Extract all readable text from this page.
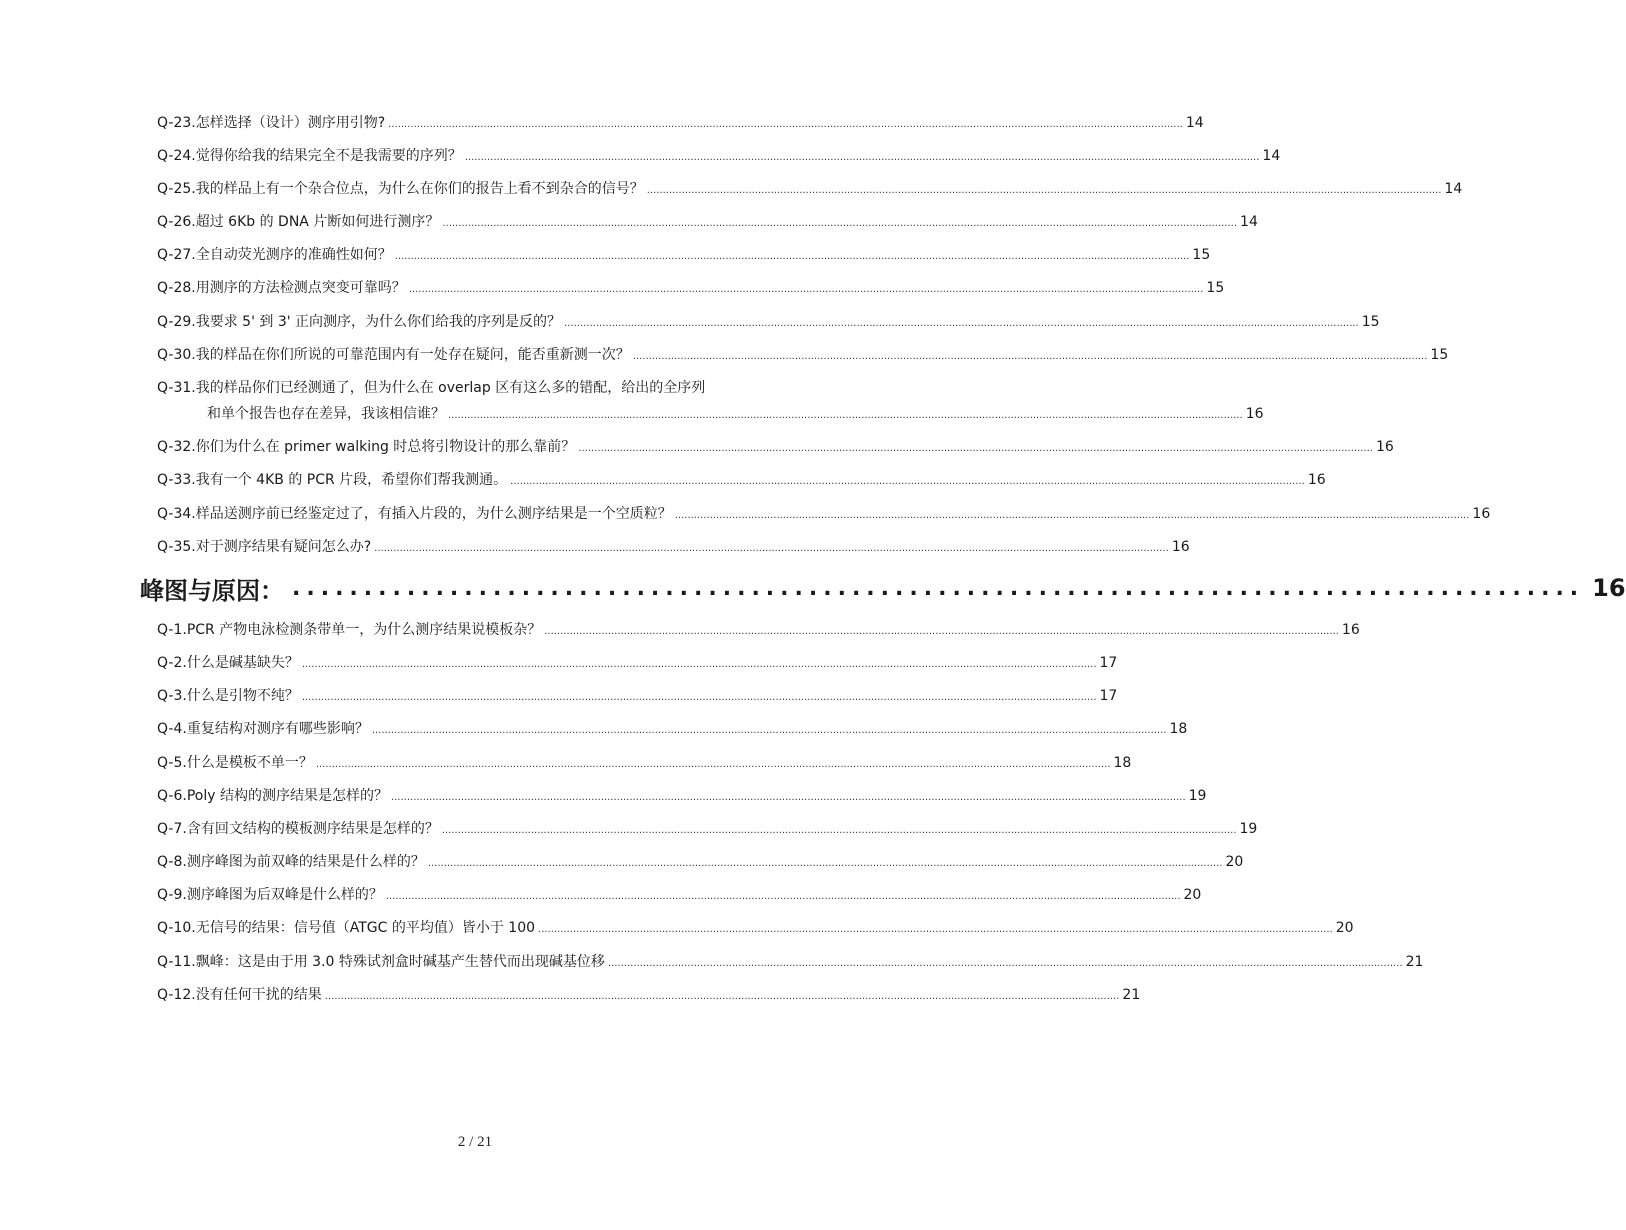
Q-23.怎样选择（设计）测序用引物? .....	14
Q-24.觉得你给我的结果完全不是我需要的序列？ .....	14
Q-25.我的样品上有一个杂合位点，为什么在你们的报告上看不到杂合的信号？ .....	14
Q-26.超过 6Kb 的 DNA 片断如何进行测序？ .....	14
Q-27.全自动荧光测序的准确性如何？ .....	15
Q-28.用测序的方法检测点突变可靠吗？ .....	15
Q-29.我要求 5' 到 3' 正向测序，为什么你们给我的序列是反的？ .....	15
Q-30.我的样品在你们所说的可靠范围内有一处存在疑问，能否重新测一次？ .....	15
Q-31.我的样品你们已经测通了，但为什么在 overlap 区有这么多的错配，给出的全序列
和单个报告也存在差异，我该相信谁？ .....	16
Q-32.你们为什么在 primer walking 时总将引物设计的那么靠前？ .....	16
Q-33.我有一个 4KB 的 PCR 片段，希望你们帮我测通。 .....	16
Q-34.样品送测序前已经鉴定过了，有插入片段的，为什么测序结果是一个空质粒？ .....	16
Q-35.对于测序结果有疑问怎么办? .....	16
峰图与原因： .....	16
Q-1.PCR 产物电泳检测条带单一，为什么测序结果说模板杂？ .....	16
Q-2.什么是碱基缺失？ .....	17
Q-3.什么是引物不纯？ .....	17
Q-4.重复结构对测序有哪些影响？ .....	18
Q-5.什么是模板不单一？ .....	18
Q-6.Poly 结构的测序结果是怎样的？ .....	19
Q-7.含有回文结构的模板测序结果是怎样的？ .....	19
Q-8.测序峰图为前双峰的结果是什么样的？ .....	20
Q-9.测序峰图为后双峰是什么样的？ .....	20
Q-10.无信号的结果：信号值（ATGC 的平均值）皆小于 100 .....	20
Q-11.飘峰：这是由于用 3.0 特殊试剂盒时碱基产生替代而出现碱基位移 .....	21
Q-12.没有任何干扰的结果 .....	21
2 / 21
